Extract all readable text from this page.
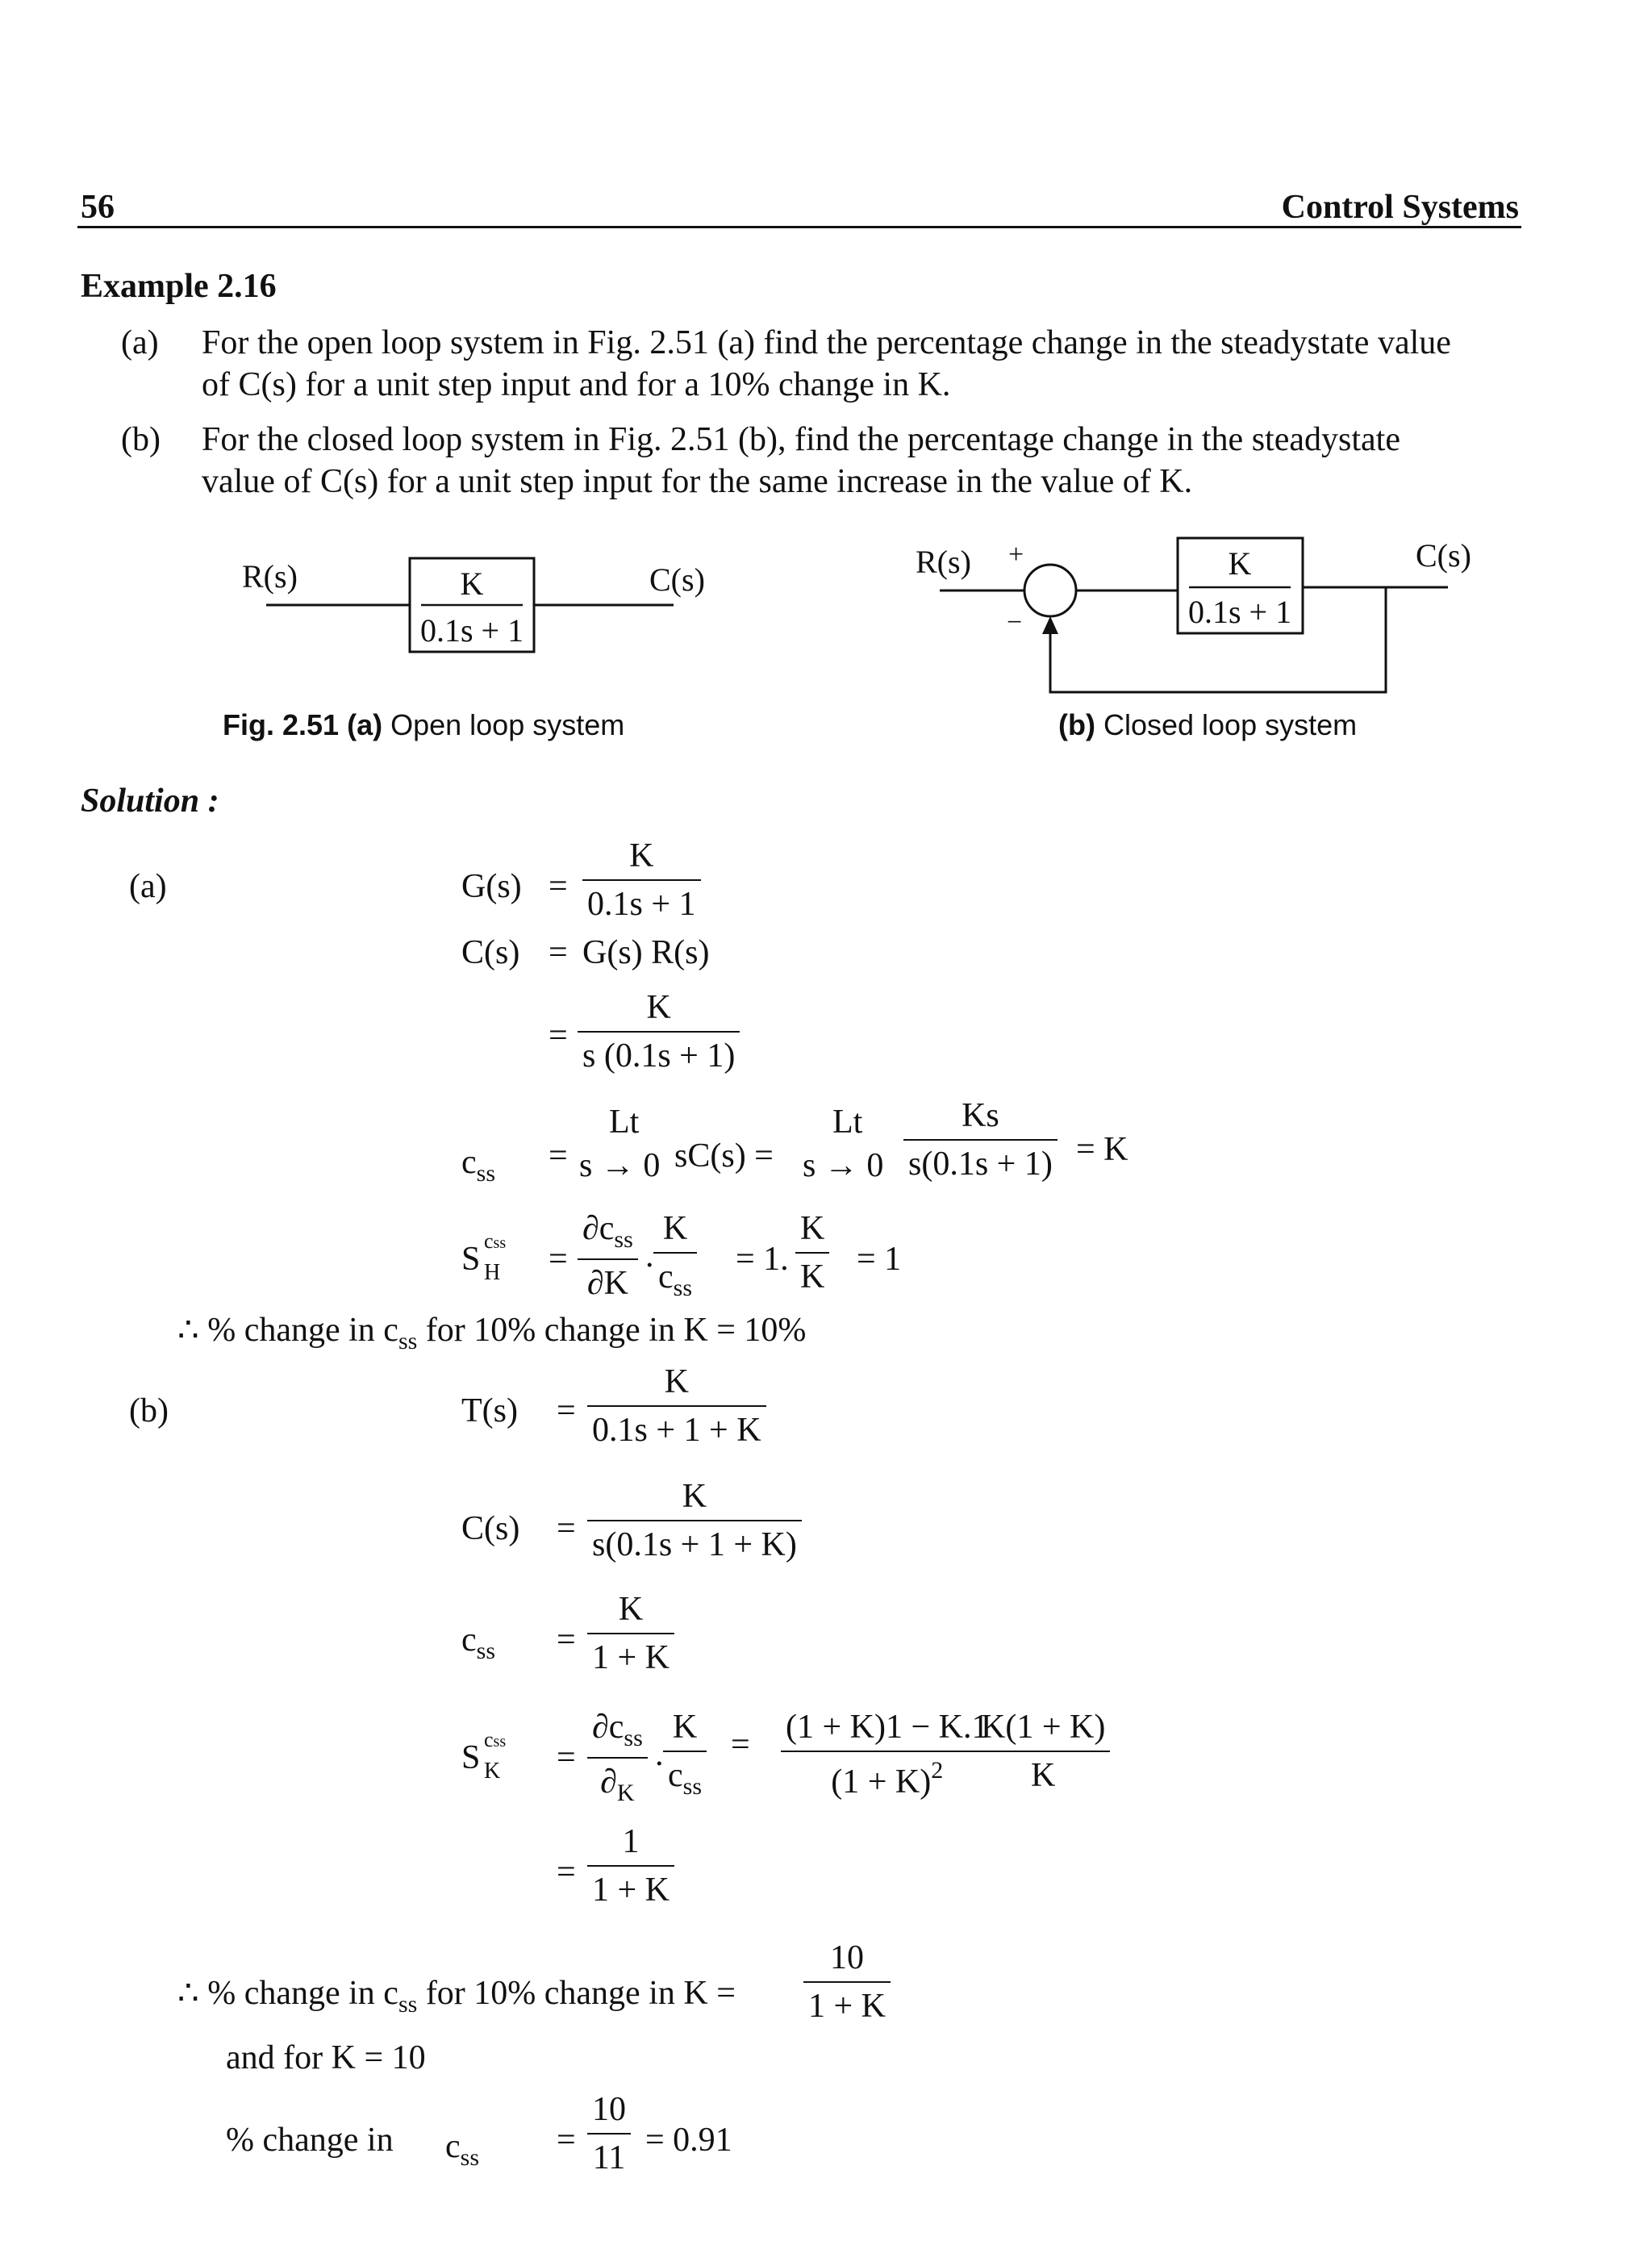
56	Control Systems
Example 2.16
(a) For the open loop system in Fig. 2.51 (a) find the percentage change in the steadystate value
of C(s) for a unit step input and for a 10% change in K.
(b) For the closed loop system in Fig. 2.51 (b), find the percentage change in the steadystate
value of C(s) for a unit step input for the same increase in the value of K.
R(s)	C(s)
K
0.1s + 1
R(s) +
−
C(s)
K
0.1s + 1
Fig. 2.51 (a) Open loop system	(b) Closed loop system
Solution :
(a)	G(s) =
K
0.1s + 1
C(s) = G(s) R(s)
=
K
s (0.1s + 1)
$c_{ss}$ =
Lt
s → 0 sC(s) =
Lt
s → 0
Ks
s(0.1s + 1) = K
S css
H =
$\partial c_{ss}$
∂K
.
K
$c_{ss}$
= 1.
K
K = 1
∴ % change in $c_{ss}$ for 10% change in K = 10%
(b)	T(s) =
K
0.1s + 1 + K
C(s) =
K
s(0.1s + 1 + K)
$c_{ss}$ =
K
1 + K
S css
K =
$\partial c_{ss}$
$\partial_K$
.
K
$c_{ss}$
= (1 + K)1 − K.1
$(1 + K)^2$
K(1 + K)
K
=
1
1 + K
∴ % change in $c_{ss}$ for 10% change in K =
10
1 + K
and for K = 10
% change in $c_{ss}$ =
10
11 = 0.91
